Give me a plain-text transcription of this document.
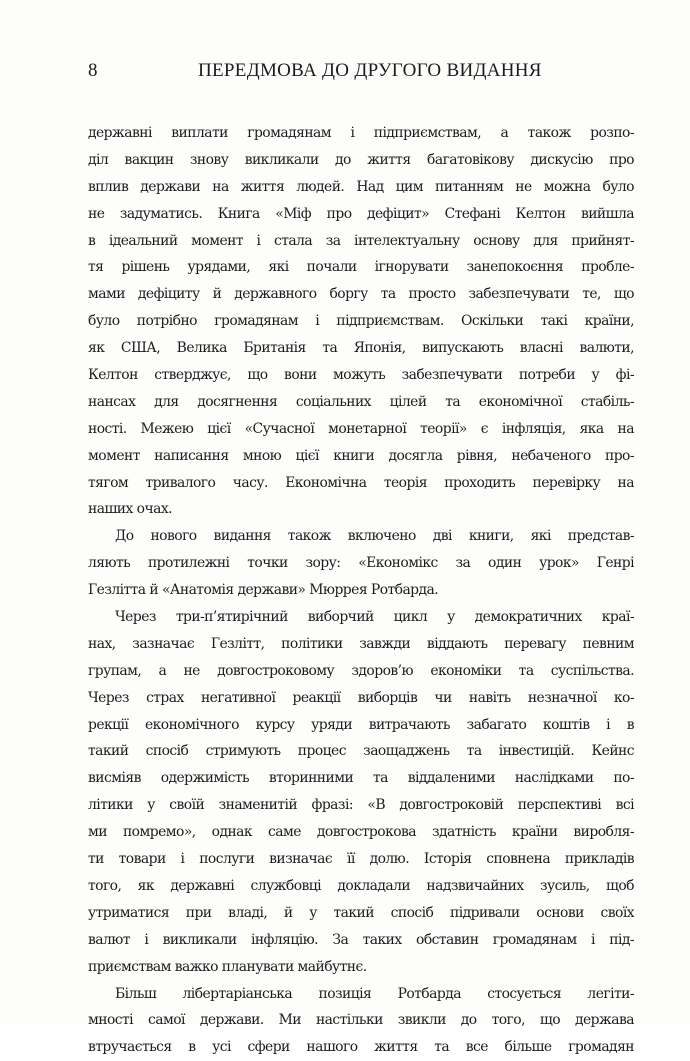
8	ПЕРЕДМОВА ДО ДРУГОГО ВИДАННЯ
державні виплати громадянам і підприємствам, а також розпо-
діл вакцин знову викликали до життя багатовікову дискусію про
вплив держави на життя людей. Над цим питанням не можна було
не задуматись. Книга «Міф про дефіцит» Стефані Келтон вийшла
в ідеальний момент і стала за інтелектуальну основу для прийнят-
тя рішень урядами, які почали ігнорувати занепокоєння пробле-
мами дефіциту й державного боргу та просто забезпечувати те, що
було потрібно громадянам і підприємствам. Оскільки такі країни,
як США, Велика Британія та Японія, випускають власні валюти,
Келтон стверджує, що вони можуть забезпечувати потреби у фі-
нансах для досягнення соціальних цілей та економічної стабіль-
ності. Межею цієї «Сучасної монетарної теорії» є інфляція, яка на
момент написання мною цієї книги досягла рівня, небаченого про-
тягом тривалого часу. Економічна теорія проходить перевірку на
наших очах.
До нового видання також включено дві книги, які представ-
ляють протилежні точки зору: «Економікс за один урок» Генрі
Гезлітта й «Анатомія держави» Мюррея Ротбарда.
Через три-п’ятирічний виборчий цикл у демократичних краї-
нах, зазначає Гезлітт, політики завжди віддають перевагу певним
групам, а не довгостроковому здоров’ю економіки та суспільства.
Через страх негативної реакції виборців чи навіть незначної ко-
рекції економічного курсу уряди витрачають забагато коштів і в
такий спосіб стримують процес заощаджень та інвестицій. Кейнс
висміяв одержимість вторинними та віддаленими наслідками по-
літики у своїй знаменитій фразі: «В довгостроковій перспективі всі
ми помремо», однак саме довгострокова здатність країни виробля-
ти товари і послуги визначає її долю. Історія сповнена прикладів
того, як державні службовці докладали надзвичайних зусиль, щоб
утриматися при владі, й у такий спосіб підривали основи своїх
валют і викликали інфляцію. За таких обставин громадянам і під-
приємствам важко планувати майбутнє.
Більш лібертаріанська позиція Ротбарда стосується легіти-
мності самої держави. Ми настільки звикли до того, що держава
втручається в усі сфери нашого життя та все більше громадян
